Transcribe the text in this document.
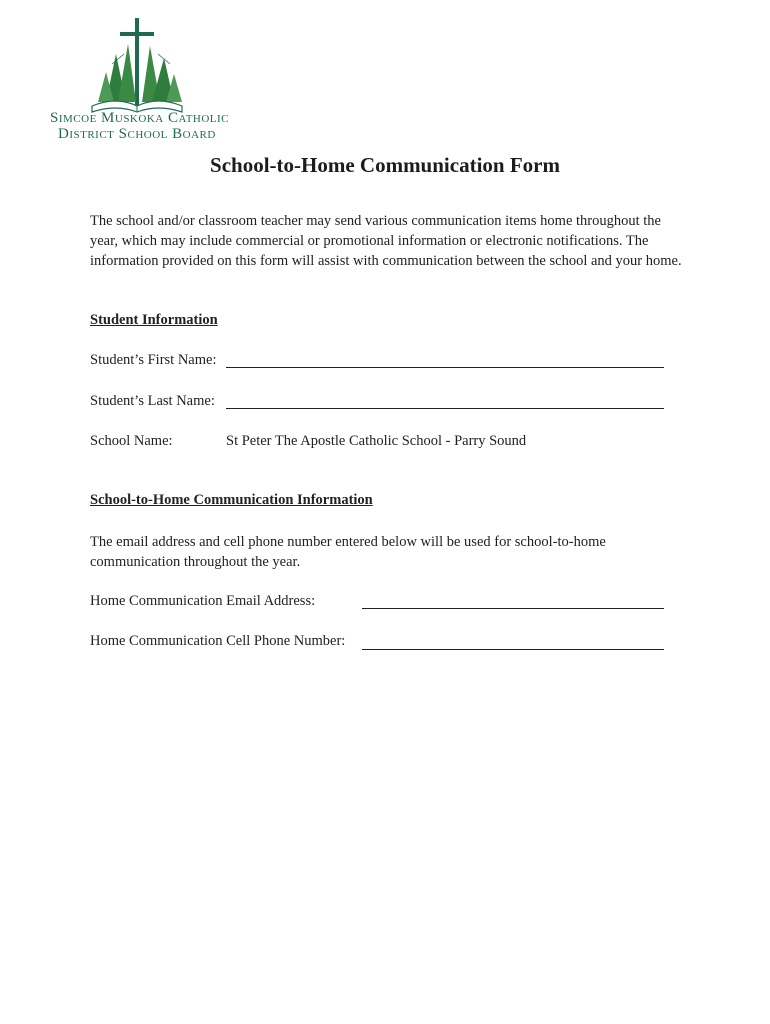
Simcoe Muskoka Catholic
District School Board
School-to-Home Communication Form

The school and/or classroom teacher may send various communication items home throughout the year, which may include commercial or promotional information or electronic notifications. The information provided on this form will assist with communication between the school and your home.

Student Information
Student’s First Name:
Student’s Last Name:
School Name:	St Peter The Apostle Catholic School - Parry Sound
School-to-Home Communication Information

The email address and cell phone number entered below will be used for school-to-home communication throughout the year.

Home Communication Email Address:
Home Communication Cell Phone Number:
